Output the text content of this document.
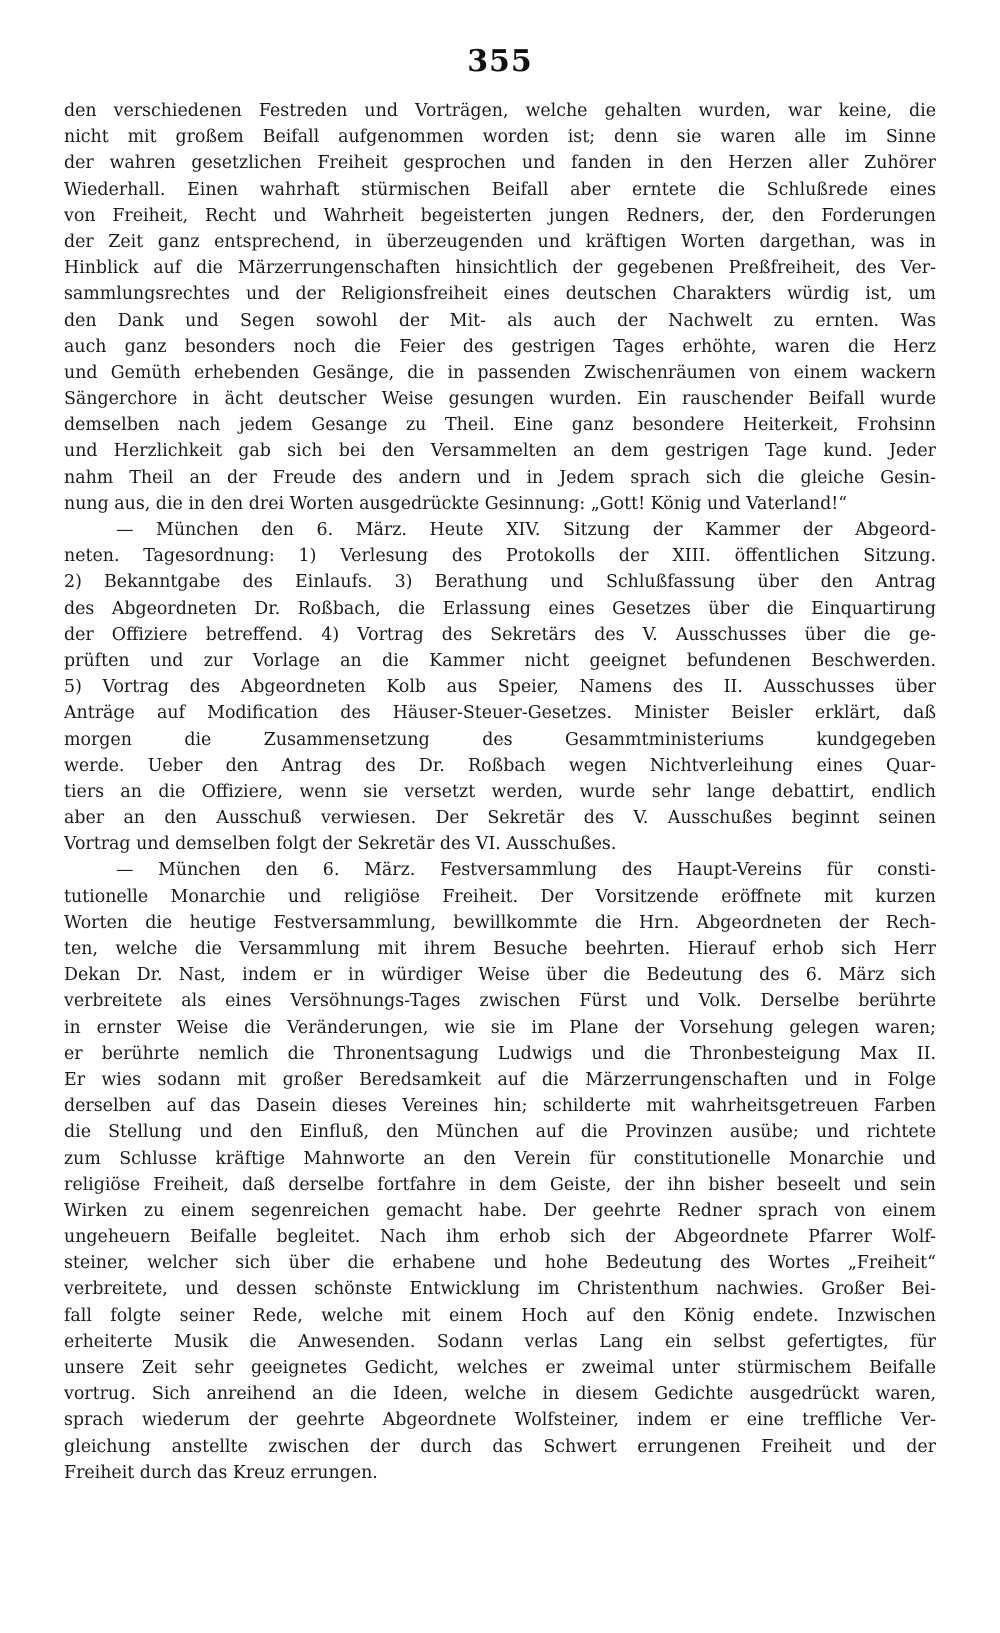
355
den verschiedenen Festreden und Vorträgen, welche gehalten wurden, war keine, die
nicht mit großem Beifall aufgenommen worden ist; denn sie waren alle im Sinne
der wahren gesetzlichen Freiheit gesprochen und fanden in den Herzen aller Zuhörer
Wiederhall. Einen wahrhaft stürmischen Beifall aber erntete die Schlußrede eines
von Freiheit, Recht und Wahrheit begeisterten jungen Redners, der, den Forderungen
der Zeit ganz entsprechend, in überzeugenden und kräftigen Worten dargethan, was in
Hinblick auf die Märzerrungenschaften hinsichtlich der gegebenen Preßfreiheit, des Ver-
sammlungsrechtes und der Religionsfreiheit eines deutschen Charakters würdig ist, um
den Dank und Segen sowohl der Mit- als auch der Nachwelt zu ernten. Was
auch ganz besonders noch die Feier des gestrigen Tages erhöhte, waren die Herz
und Gemüth erhebenden Gesänge, die in passenden Zwischenräumen von einem wackern
Sängerchore in ächt deutscher Weise gesungen wurden. Ein rauschender Beifall wurde
demselben nach jedem Gesange zu Theil. Eine ganz besondere Heiterkeit, Frohsinn
und Herzlichkeit gab sich bei den Versammelten an dem gestrigen Tage kund. Jeder
nahm Theil an der Freude des andern und in Jedem sprach sich die gleiche Gesin-
nung aus, die in den drei Worten ausgedrückte Gesinnung: „Gott! König und Vaterland!“
— München den 6. März. Heute XIV. Sitzung der Kammer der Abgeord-
neten. Tagesordnung: 1) Verlesung des Protokolls der XIII. öffentlichen Sitzung.
2) Bekanntgabe des Einlaufs. 3) Berathung und Schlußfassung über den Antrag
des Abgeordneten Dr. Roßbach, die Erlassung eines Gesetzes über die Einquartirung
der Offiziere betreffend. 4) Vortrag des Sekretärs des V. Ausschusses über die ge-
prüften und zur Vorlage an die Kammer nicht geeignet befundenen Beschwerden.
5) Vortrag des Abgeordneten Kolb aus Speier, Namens des II. Ausschusses über
Anträge auf Modification des Häuser-Steuer-Gesetzes. Minister Beisler erklärt, daß
morgen die Zusammensetzung des Gesammtministeriums kundgegeben
werde. Ueber den Antrag des Dr. Roßbach wegen Nichtverleihung eines Quar-
tiers an die Offiziere, wenn sie versetzt werden, wurde sehr lange debattirt, endlich
aber an den Ausschuß verwiesen. Der Sekretär des V. Ausschußes beginnt seinen
Vortrag und demselben folgt der Sekretär des VI. Ausschußes.
— München den 6. März. Festversammlung des Haupt-Vereins für consti-
tutionelle Monarchie und religiöse Freiheit. Der Vorsitzende eröffnete mit kurzen
Worten die heutige Festversammlung, bewillkommte die Hrn. Abgeordneten der Rech-
ten, welche die Versammlung mit ihrem Besuche beehrten. Hierauf erhob sich Herr
Dekan Dr. Nast, indem er in würdiger Weise über die Bedeutung des 6. März sich
verbreitete als eines Versöhnungs-Tages zwischen Fürst und Volk. Derselbe berührte
in ernster Weise die Veränderungen, wie sie im Plane der Vorsehung gelegen waren;
er berührte nemlich die Thronentsagung Ludwigs und die Thronbesteigung Max II.
Er wies sodann mit großer Beredsamkeit auf die Märzerrungenschaften und in Folge
derselben auf das Dasein dieses Vereines hin; schilderte mit wahrheitsgetreuen Farben
die Stellung und den Einfluß, den München auf die Provinzen ausübe; und richtete
zum Schlusse kräftige Mahnworte an den Verein für constitutionelle Monarchie und
religiöse Freiheit, daß derselbe fortfahre in dem Geiste, der ihn bisher beseelt und sein
Wirken zu einem segenreichen gemacht habe. Der geehrte Redner sprach von einem
ungeheuern Beifalle begleitet. Nach ihm erhob sich der Abgeordnete Pfarrer Wolf-
steiner, welcher sich über die erhabene und hohe Bedeutung des Wortes „Freiheit“
verbreitete, und dessen schönste Entwicklung im Christenthum nachwies. Großer Bei-
fall folgte seiner Rede, welche mit einem Hoch auf den König endete. Inzwischen
erheiterte Musik die Anwesenden. Sodann verlas Lang ein selbst gefertigtes, für
unsere Zeit sehr geeignetes Gedicht, welches er zweimal unter stürmischem Beifalle
vortrug. Sich anreihend an die Ideen, welche in diesem Gedichte ausgedrückt waren,
sprach wiederum der geehrte Abgeordnete Wolfsteiner, indem er eine treffliche Ver-
gleichung anstellte zwischen der durch das Schwert errungenen Freiheit und der
Freiheit durch das Kreuz errungen.
